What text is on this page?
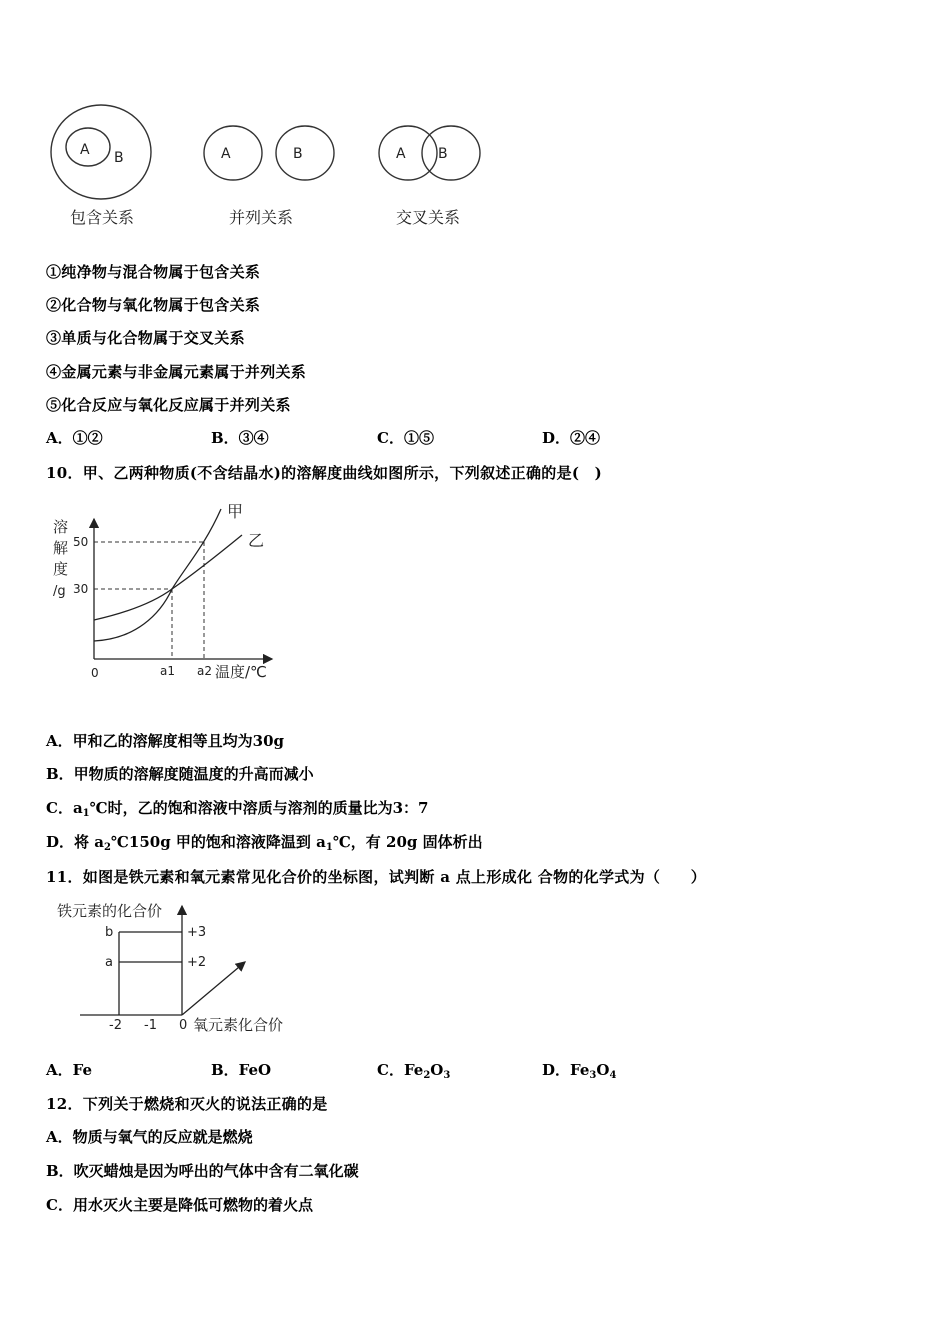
A B	A	B	A B
包含关系	并列关系	交叉关系
①纯净物与混合物属于包含关系
②化合物与氧化物属于包含关系
③单质与化合物属于交叉关系
④金属元素与非金属元素属于并列关系
⑤化合反应与氧化反应属于并列关系
A．①②	B．③④	C．①⑤	D．②④
10．甲、乙两种物质(不含结晶水)的溶解度曲线如图所示，下列叙述正确的是(　)
溶
解
度
/g
50
30
0	a1 a2 温度/℃
甲
乙
A．甲和乙的溶解度相等且均为30g
B．甲物质的溶解度随温度的升高而减小
C．$a_1℃$时，乙的饱和溶液中溶质与溶剂的质量比为3：7
D．将 $a_2℃150g$ 甲的饱和溶液降温到 $a_1℃$，有 20g 固体析出
11．如图是铁元素和氧元素常见化合价的坐标图，试判断 a 点上形成化 合物的化学式为（　　）
铁元素的化合价
b
a
+3
+2
-2 -1 0 氧元素化合价
A．Fe	B．FeO	C．$Fe_2O_3$	D．$Fe_3O_4$
12．下列关于燃烧和灭火的说法正确的是
A．物质与氧气的反应就是燃烧
B．吹灭蜡烛是因为呼出的气体中含有二氧化碳
C．用水灭火主要是降低可燃物的着火点
